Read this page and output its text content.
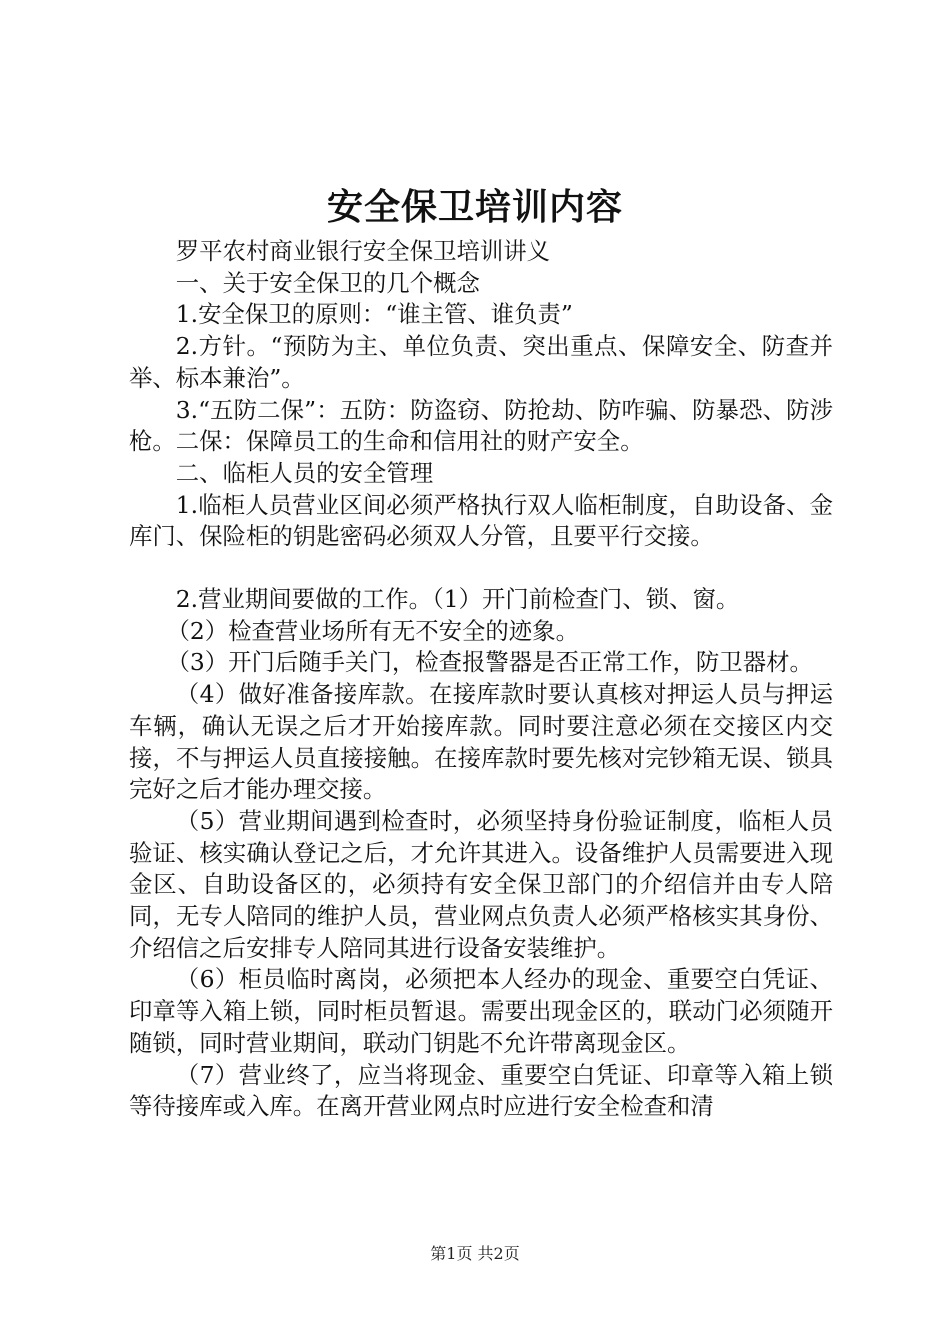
安全保卫培训内容

罗平农村商业银行安全保卫培训讲义

一、关于安全保卫的几个概念

1.安全保卫的原则：“谁主管、谁负责”

2.方针。“预防为主、单位负责、突出重点、保障安全、防查并举、标本兼治”。

3.“五防二保”：五防：防盗窃、防抢劫、防咋骗、防暴恐、防涉枪。二保：保障员工的生命和信用社的财产安全。

二、临柜人员的安全管理

1.临柜人员营业区间必须严格执行双人临柜制度，自助设备、金库门、保险柜的钥匙密码必须双人分管，且要平行交接。

2.营业期间要做的工作。（1）开门前检查门、锁、窗。

（2）检查营业场所有无不安全的迹象。

（3）开门后随手关门，检查报警器是否正常工作，防卫器材。

（4）做好准备接库款。在接库款时要认真核对押运人员与押运车辆，确认无误之后才开始接库款。同时要注意必须在交接区内交接，不与押运人员直接接触。在接库款时要先核对完钞箱无误、锁具完好之后才能办理交接。

（5）营业期间遇到检查时，必须坚持身份验证制度，临柜人员验证、核实确认登记之后，才允许其进入。设备维护人员需要进入现金区、自助设备区的，必须持有安全保卫部门的介绍信并由专人陪同，无专人陪同的维护人员，营业网点负责人必须严格核实其身份、介绍信之后安排专人陪同其进行设备安装维护。

（6）柜员临时离岗，必须把本人经办的现金、重要空白凭证、印章等入箱上锁，同时柜员暂退。需要出现金区的，联动门必须随开随锁，同时营业期间，联动门钥匙不允许带离现金区。

（7）营业终了，应当将现金、重要空白凭证、印章等入箱上锁等待接库或入库。在离开营业网点时应进行安全检查和清

第1页 共2页
